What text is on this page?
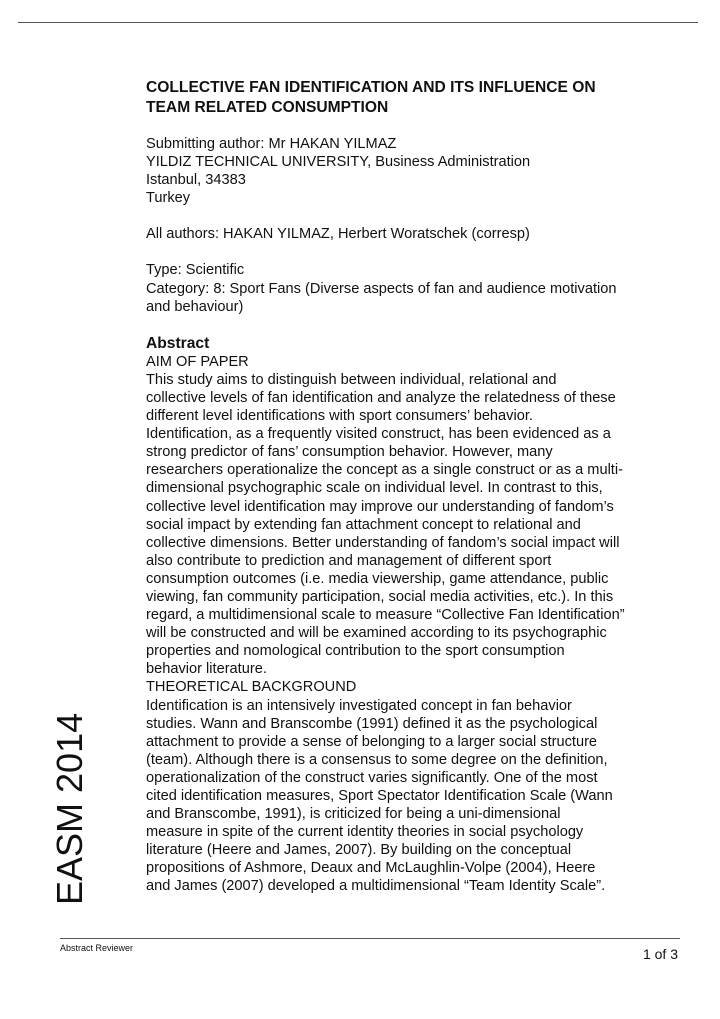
COLLECTIVE FAN IDENTIFICATION AND ITS INFLUENCE ON
TEAM RELATED CONSUMPTION
Submitting author: Mr HAKAN YILMAZ
YILDIZ TECHNICAL UNIVERSITY, Business Administration
Istanbul, 34383
Turkey
All authors: HAKAN YILMAZ, Herbert Woratschek (corresp)
Type: Scientific
Category: 8: Sport Fans (Diverse aspects of fan and audience motivation
and behaviour)
Abstract
AIM OF PAPER
This study aims to distinguish between individual, relational and
collective levels of fan identification and analyze the relatedness of these
different level identifications with sport consumers’ behavior.
Identification, as a frequently visited construct, has been evidenced as a
strong predictor of fans’ consumption behavior. However, many
researchers operationalize the concept as a single construct or as a multi-
dimensional psychographic scale on individual level. In contrast to this,
collective level identification may improve our understanding of fandom’s
social impact by extending fan attachment concept to relational and
collective dimensions. Better understanding of fandom’s social impact will
also contribute to prediction and management of different sport
consumption outcomes (i.e. media viewership, game attendance, public
viewing, fan community participation, social media activities, etc.). In this
regard, a multidimensional scale to measure “Collective Fan Identification”
will be constructed and will be examined according to its psychographic
properties and nomological contribution to the sport consumption
behavior literature.
THEORETICAL BACKGROUND
Identification is an intensively investigated concept in fan behavior
studies. Wann and Branscombe (1991) defined it as the psychological
attachment to provide a sense of belonging to a larger social structure
(team). Although there is a consensus to some degree on the definition,
operationalization of the construct varies significantly. One of the most
cited identification measures, Sport Spectator Identification Scale (Wann
and Branscombe, 1991), is criticized for being a uni-dimensional
measure in spite of the current identity theories in social psychology
literature (Heere and James, 2007). By building on the conceptual
propositions of Ashmore, Deaux and McLaughlin-Volpe (2004), Heere
and James (2007) developed a multidimensional “Team Identity Scale”.
EASM 2014
Abstract Reviewer	1 of 3
